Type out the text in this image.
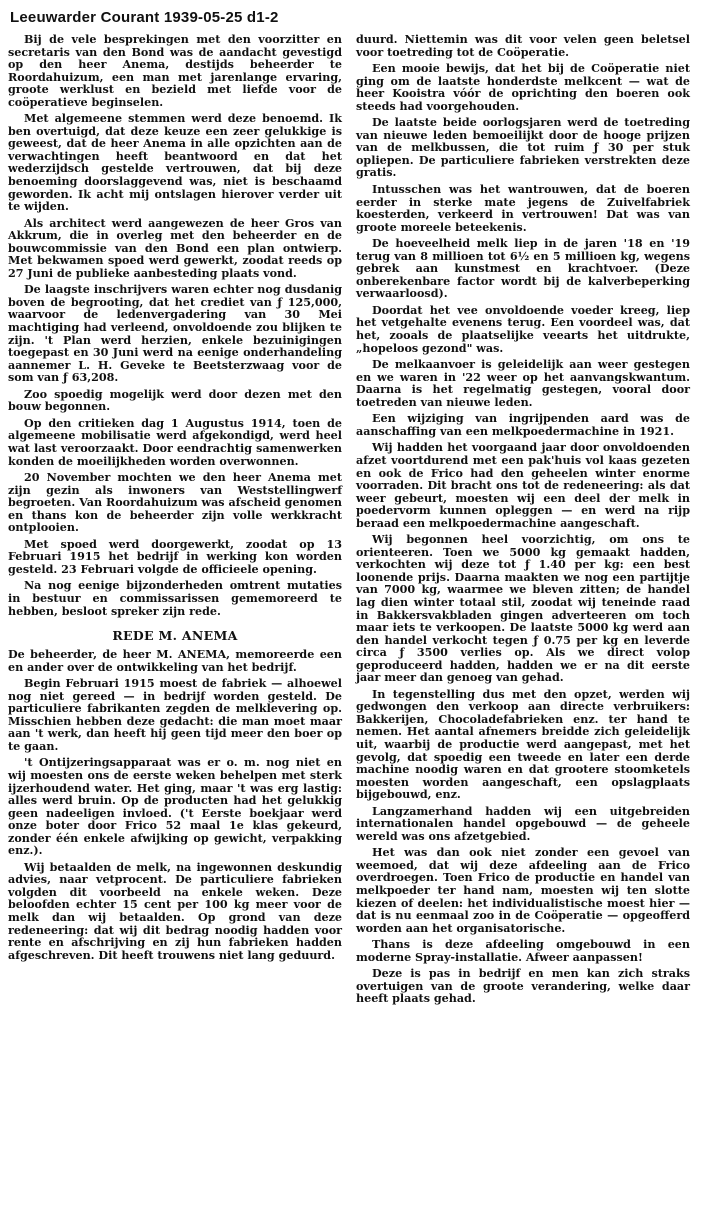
Leeuwarder Courant 1939-05-25 d1-2

Bij de vele besprekingen met den voorzitter en secretaris van den Bond was de aandacht gevestigd op den heer Anema, destijds beheerder te Roordahuizum, een man met jarenlange ervaring, groote werklust en bezield met liefde voor de coöperatieve beginselen.

Met algemeene stemmen werd deze benoemd. Ik ben overtuigd, dat deze keuze een zeer gelukkige is geweest, dat de heer Anema in alle opzichten aan de verwachtingen heeft beantwoord en dat het wederzijdsch gestelde vertrouwen, dat bij deze benoeming doorslaggevend was, niet is beschaamd geworden. Ik acht mij ontslagen hierover verder uit te wijden.

Als architect werd aangewezen de heer Gros van Akkrum, die in overleg met den beheerder en de bouwcommissie van den Bond een plan ontwierp. Met bekwamen spoed werd gewerkt, zoodat reeds op 27 Juni de publieke aanbesteding plaats vond.

De laagste inschrijvers waren echter nog dusdanig boven de begrooting, dat het crediet van ƒ 125,000, waarvoor de ledenvergadering van 30 Mei machtiging had verleend, onvoldoende zou blijken te zijn. 't Plan werd herzien, enkele bezuinigingen toegepast en 30 Juni werd na eenige onderhandeling aannemer L. H. Geveke te Beetsterzwaag voor de som van ƒ 63,208.

Zoo spoedig mogelijk werd door dezen met den bouw begonnen.

Op den critieken dag 1 Augustus 1914, toen de algemeene mobilisatie werd afgekondigd, werd heel wat last veroorzaakt. Door eendrachtig samenwerken konden de moeilijkheden worden overwonnen.

20 November mochten we den heer Anema met zijn gezin als inwoners van Weststellingwerf begroeten. Van Roordahuizum was afscheid genomen en thans kon de beheerder zijn volle werkkracht ontplooien.

Met spoed werd doorgewerkt, zoodat op 13 Februari 1915 het bedrijf in werking kon worden gesteld. 23 Februari volgde de officieele opening.

Na nog eenige bijzonderheden omtrent mutaties in bestuur en commissarissen gememoreerd te hebben, besloot spreker zijn rede.

REDE M. ANEMA

De beheerder, de heer M. ANEMA, memoreerde een en ander over de ontwikkeling van het bedrijf.

Begin Februari 1915 moest de fabriek — alhoewel nog niet gereed — in bedrijf worden gesteld. De particuliere fabrikanten zegden de melklevering op. Misschien hebben deze gedacht: die man moet maar aan 't werk, dan heeft hij geen tijd meer den boer op te gaan.

't Ontijzeringsapparaat was er o. m. nog niet en wij moesten ons de eerste weken behelpen met sterk ijzerhoudend water. Het ging, maar 't was erg lastig: alles werd bruin. Op de producten had het gelukkig geen nadeeligen invloed. ('t Eerste boekjaar werd onze boter door Frico 52 maal 1e klas gekeurd, zonder één enkele afwijking op gewicht, verpakking enz.).

Wij betaalden de melk, na ingewonnen deskundig advies, naar vetprocent. De particuliere fabrieken volgden dit voorbeeld na enkele weken. Deze beloofden echter 15 cent per 100 kg meer voor de melk dan wij betaalden. Op grond van deze redeneering: dat wij dit bedrag noodig hadden voor rente en afschrijving en zij hun fabrieken hadden afgeschreven. Dit heeft trouwens niet lang geduurd.

duurd. Niettemin was dit voor velen geen beletsel voor toetreding tot de Coöperatie.

Een mooie bewijs, dat het bij de Coöperatie niet ging om de laatste honderdste melkcent — wat de heer Kooistra vóór de oprichting den boeren ook steeds had voorgehouden.

De laatste beide oorlogsjaren werd de toetreding van nieuwe leden bemoeilijkt door de hooge prijzen van de melkbussen, die tot ruim ƒ 30 per stuk opliepen. De particuliere fabrieken verstrekten deze gratis.

Intusschen was het wantrouwen, dat de boeren eerder in sterke mate jegens de Zuivelfabriek koesterden, verkeerd in vertrouwen! Dat was van groote moreele beteekenis.

De hoeveelheid melk liep in de jaren '18 en '19 terug van 8 millioen tot 6½ en 5 millioen kg, wegens gebrek aan kunstmest en krachtvoer. (Deze onberekenbare factor wordt bij de kalverbeperking verwaarloosd).

Doordat het vee onvoldoende voeder kreeg, liep het vetgehalte evenens terug. Een voordeel was, dat het, zooals de plaatselijke veearts het uitdrukte, „hopeloos gezond" was.

De melkaanvoer is geleidelijk aan weer gestegen en we waren in '22 weer op het aanvangskwantum. Daarna is het regelmatig gestegen, vooral door toetreden van nieuwe leden.

Een wijziging van ingrijpenden aard was de aanschaffing van een melkpoedermachine in 1921.

Wij hadden het voorgaand jaar door onvoldoenden afzet voortdurend met een pak'huis vol kaas gezeten en ook de Frico had den geheelen winter enorme voorraden. Dit bracht ons tot de redeneering: als dat weer gebeurt, moesten wij een deel der melk in poedervorm kunnen opleggen — en werd na rijp beraad een melkpoedermachine aangeschaft.

Wij begonnen heel voorzichtig, om ons te orienteeren. Toen we 5000 kg gemaakt hadden, verkochten wij deze tot ƒ 1.40 per kg: een best loonende prijs. Daarna maakten we nog een partijtje van 7000 kg, waarmee we bleven zitten; de handel lag dien winter totaal stil, zoodat wij teneinde raad in Bakkersvakbladen gingen adverteeren om toch maar iets te verkoopen. De laatste 5000 kg werd aan den handel verkocht tegen ƒ 0.75 per kg en leverde circa ƒ 3500 verlies op. Als we direct volop geproduceerd hadden, hadden we er na dit eerste jaar meer dan genoeg van gehad.

In tegenstelling dus met den opzet, werden wij gedwongen den verkoop aan directe verbruikers: Bakkerijen, Chocoladefabrieken enz. ter hand te nemen. Het aantal afnemers breidde zich geleidelijk uit, waarbij de productie werd aangepast, met het gevolg, dat spoedig een tweede en later een derde machine noodig waren en dat grootere stoomketels moesten worden aangeschaft, een opslagplaats bijgebouwd, enz.

Langzamerhand hadden wij een uitgebreiden internationalen handel opgebouwd — de geheele wereld was ons afzetgebied.

Het was dan ook niet zonder een gevoel van weemoed, dat wij deze afdeeling aan de Frico overdroegen. Toen Frico de productie en handel van melkpoeder ter hand nam, moesten wij ten slotte kiezen of deelen: het individualistische moest hier — dat is nu eenmaal zoo in de Coöperatie — opgeofferd worden aan het organisatorische.

Thans is deze afdeeling omgebouwd in een moderne Spray-installatie. Afweer aanpassen!

Deze is pas in bedrijf en men kan zich straks overtuigen van de groote verandering, welke daar heeft plaats gehad.
